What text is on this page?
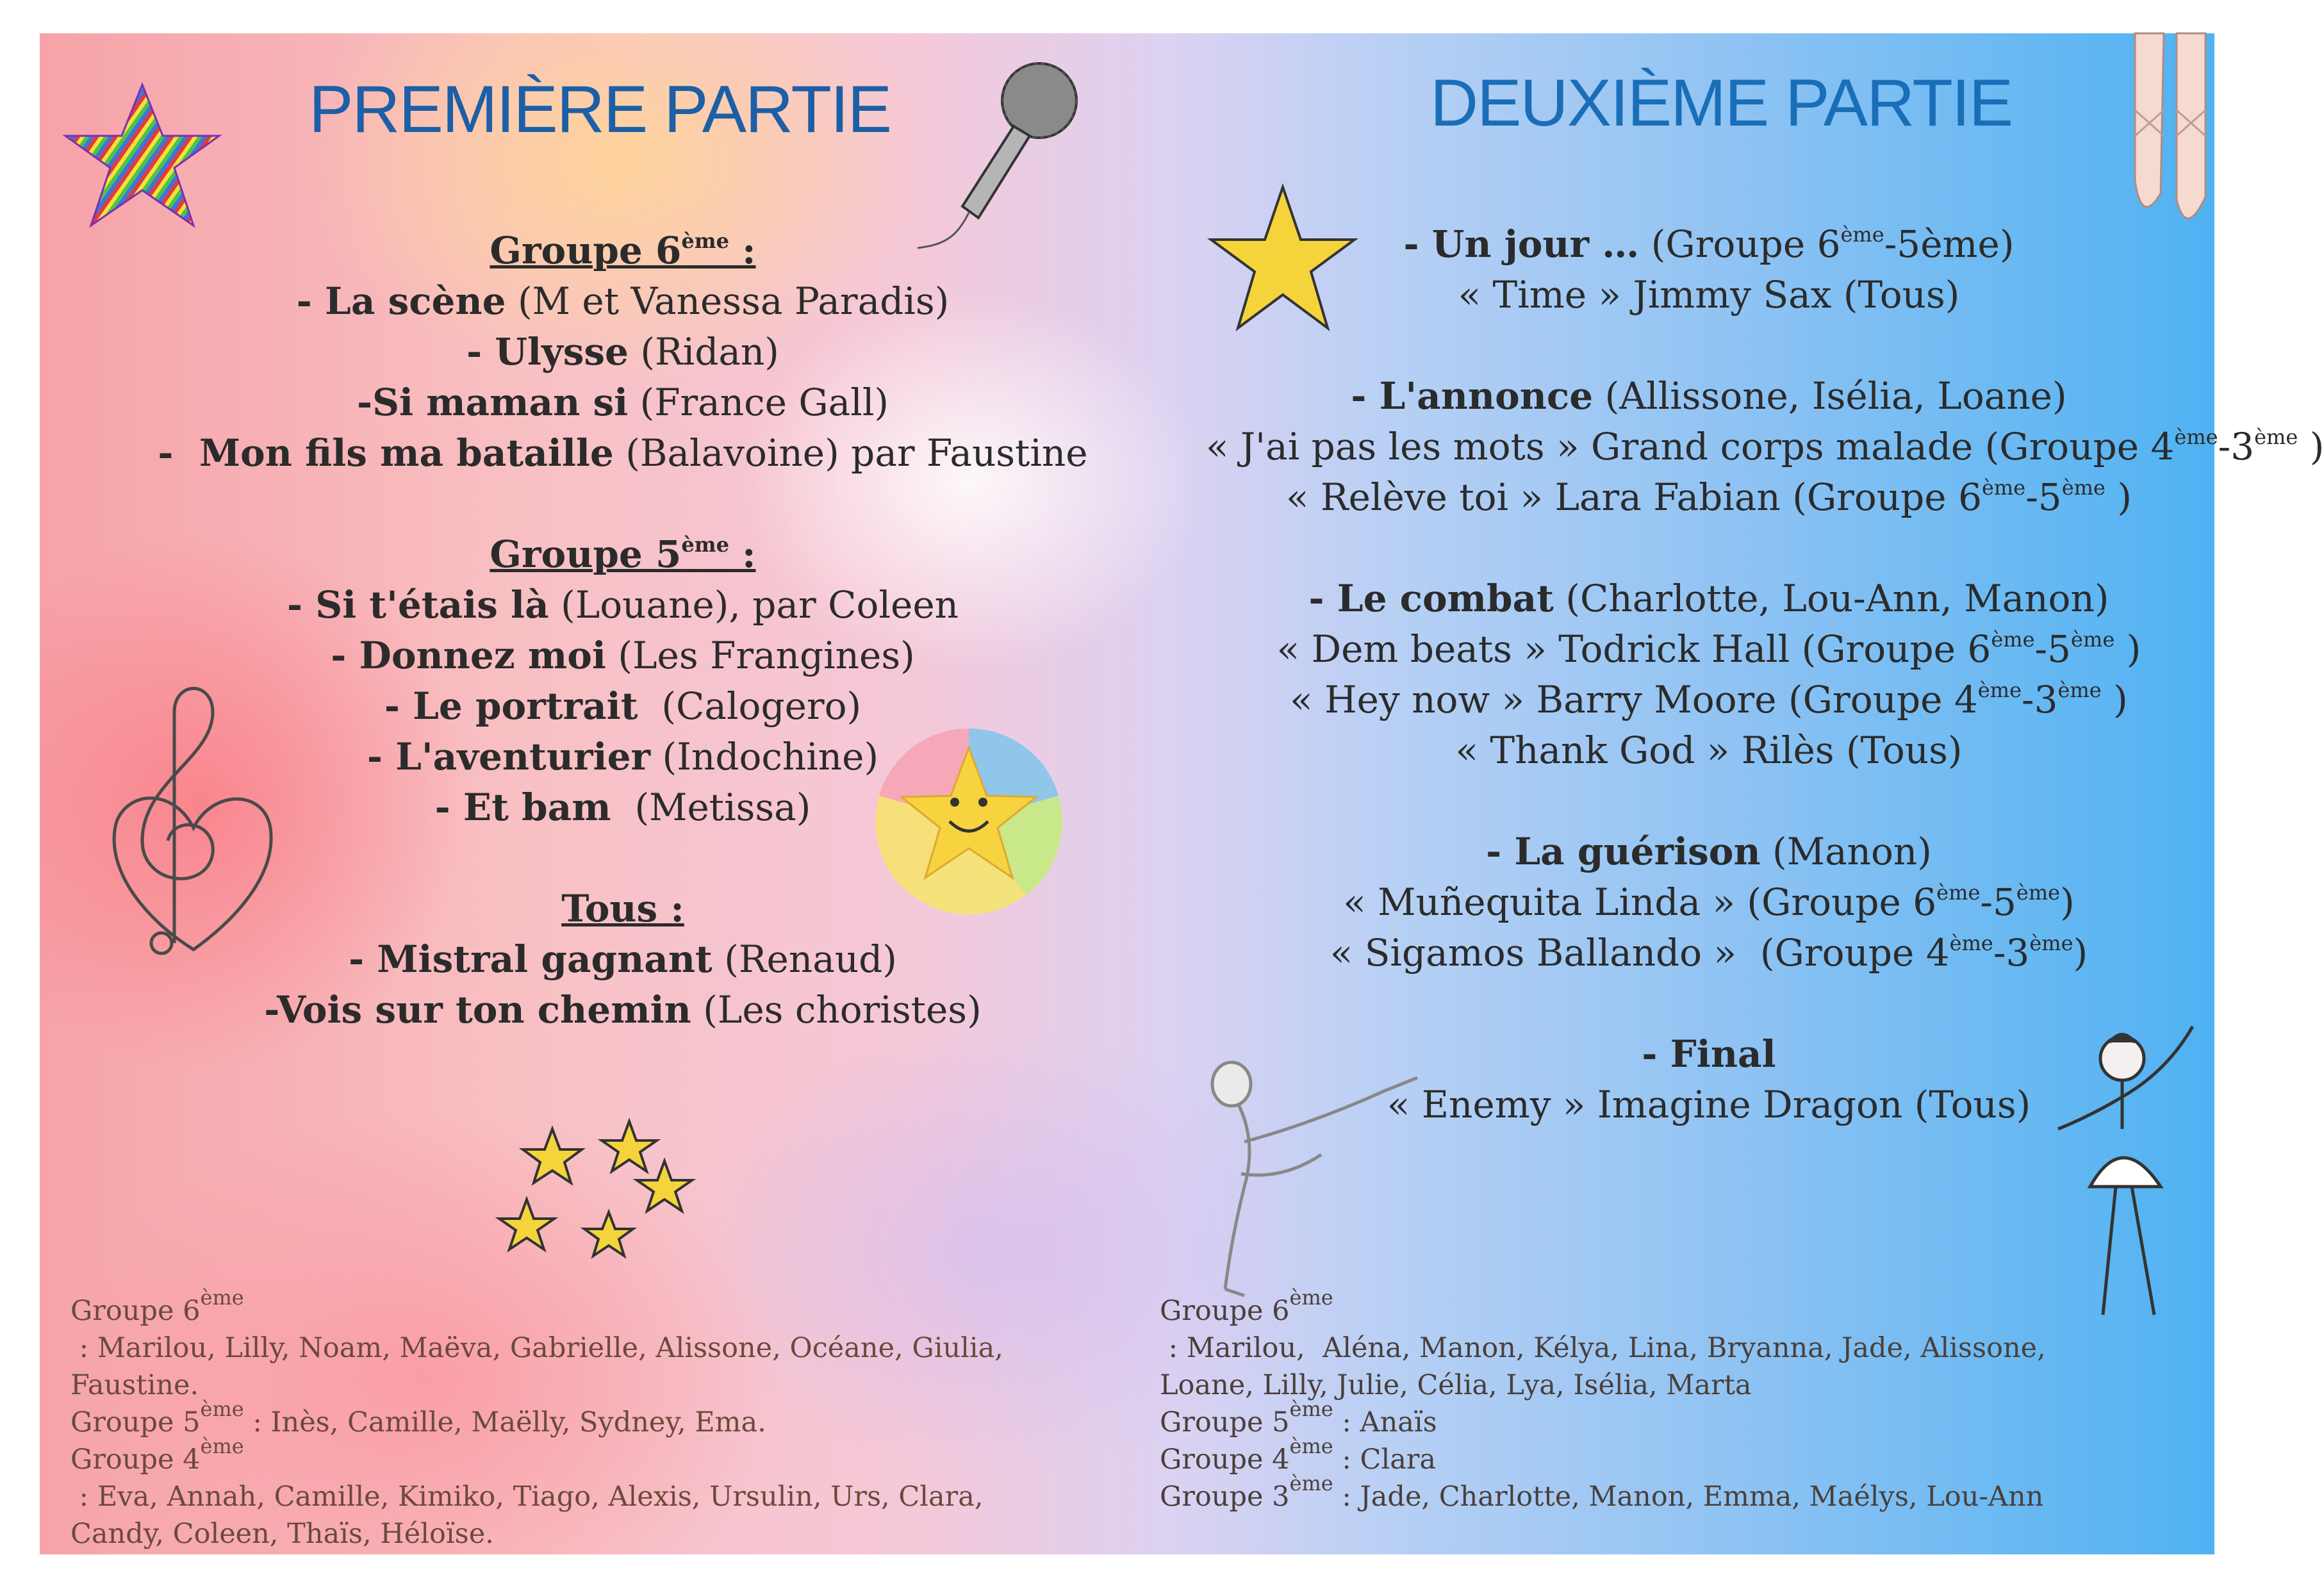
PREMIÈRE PARTIE
Groupe 6ème :
- La scène (M et Vanessa Paradis)
- Ulysse (Ridan)
-Si maman si (France Gall)
-  Mon fils ma bataille (Balavoine) par Faustine
Groupe 5ème :
- Si t'étais là (Louane), par Coleen
- Donnez moi (Les Frangines)
- Le portrait  (Calogero)
- L'aventurier (Indochine)
- Et bam  (Metissa)
Tous :
- Mistral gagnant (Renaud)
-Vois sur ton chemin (Les choristes)
Groupe 6ème : Marilou, Lilly, Noam, Maëva, Gabrielle, Alissone, Océane, Giulia,
Faustine.
Groupe 5ème : Inès, Camille, Maëlly, Sydney, Ema.
Groupe 4ème : Eva, Annah, Camille, Kimiko, Tiago, Alexis, Ursulin, Urs, Clara,
Candy, Coleen, Thaïs, Héloïse.
DEUXIÈME PARTIE
- Un jour … (Groupe 6ème-5ème)
« Time » Jimmy Sax (Tous)
- L'annonce (Allissone, Isélia, Loane)
« J'ai pas les mots » Grand corps malade (Groupe 4ème-3ème )
« Relève toi » Lara Fabian (Groupe 6ème-5ème )
- Le combat (Charlotte, Lou-Ann, Manon)
« Dem beats » Todrick Hall (Groupe 6ème-5ème )
« Hey now » Barry Moore (Groupe 4ème-3ème )
« Thank God » Rilès (Tous)
- La guérison (Manon)
« Muñequita Linda » (Groupe 6ème-5ème)
« Sigamos Ballando »  (Groupe 4ème-3ème)
- Final
« Enemy » Imagine Dragon (Tous)
Groupe 6ème : Marilou,  Aléna, Manon, Kélya, Lina, Bryanna, Jade, Alissone,
Loane, Lilly, Julie, Célia, Lya, Isélia, Marta
Groupe 5ème : Anaïs
Groupe 4ème : Clara
Groupe 3ème : Jade, Charlotte, Manon, Emma, Maélys, Lou-Ann
